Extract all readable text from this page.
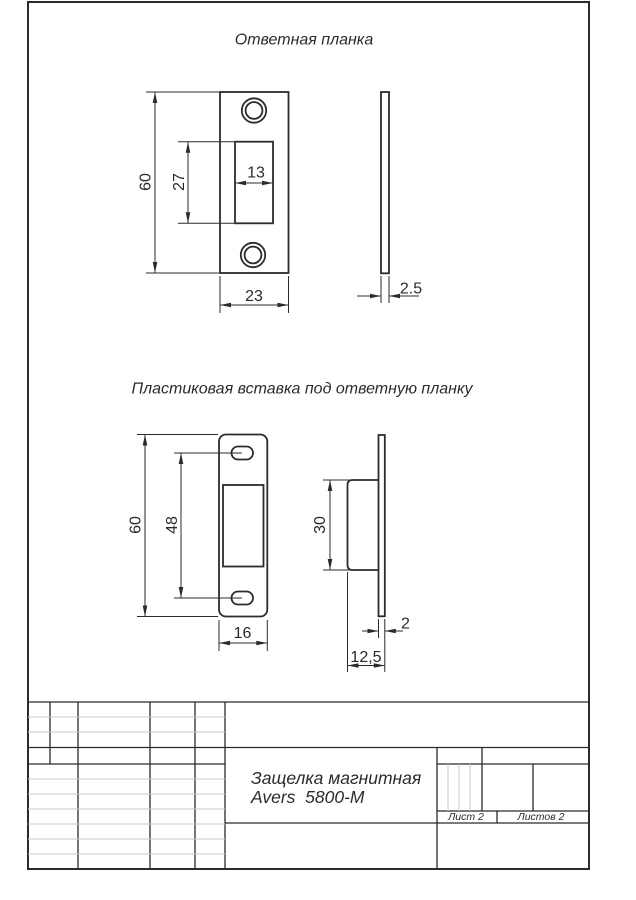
Ответная планка
Пластиковая вставка под ответную планку
60 27
13
23	2.5
60 48
16
30
2
12,5
Защелка магнитная
Avers  5800-M
Лист 2	Листов 2
